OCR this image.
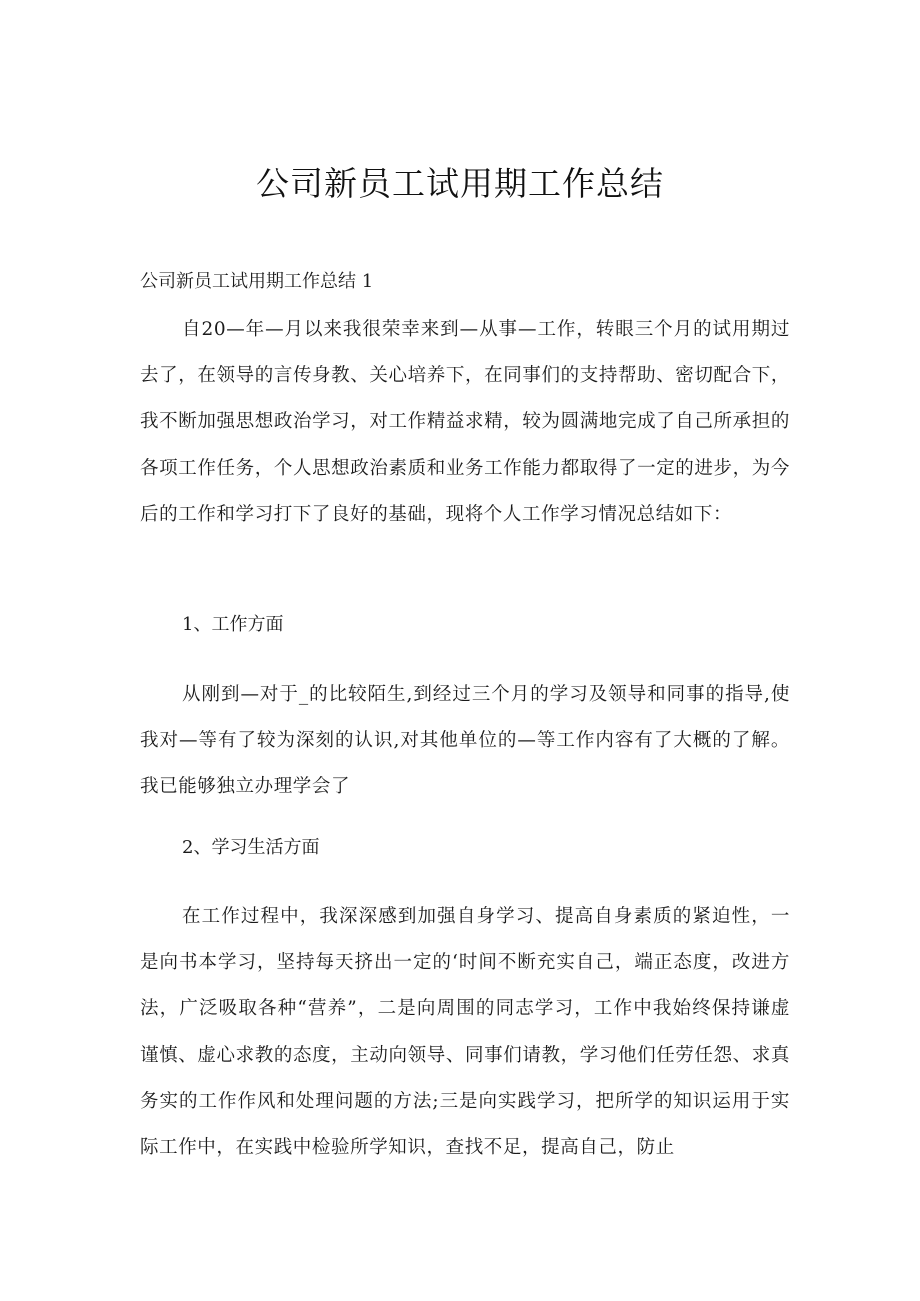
公司新员工试用期工作总结

公司新员工试用期工作总结 1

自20—年—月以来我很荣幸来到—从事—工作，转眼三个月的试用期过去了，在领导的言传身教、关心培养下，在同事们的支持帮助、密切配合下，我不断加强思想政治学习，对工作精益求精，较为圆满地完成了自己所承担的各项工作任务，个人思想政治素质和业务工作能力都取得了一定的进步，为今后的工作和学习打下了良好的基础，现将个人工作学习情况总结如下：

1、工作方面

从刚到—对于_的比较陌生,到经过三个月的学习及领导和同事的指导,使我对—等有了较为深刻的认识,对其他单位的—等工作内容有了大概的了解。我已能够独立办理学会了

2、学习生活方面

在工作过程中，我深深感到加强自身学习、提高自身素质的紧迫性，一是向书本学习，坚持每天挤出一定的‘时间不断充实自己，端正态度，改进方法，广泛吸取各种“营养”，二是向周围的同志学习，工作中我始终保持谦虚谨慎、虚心求教的态度，主动向领导、同事们请教，学习他们任劳任怨、求真务实的工作作风和处理问题的方法;三是向实践学习，把所学的知识运用于实际工作中，在实践中检验所学知识，查找不足，提高自己，防止
